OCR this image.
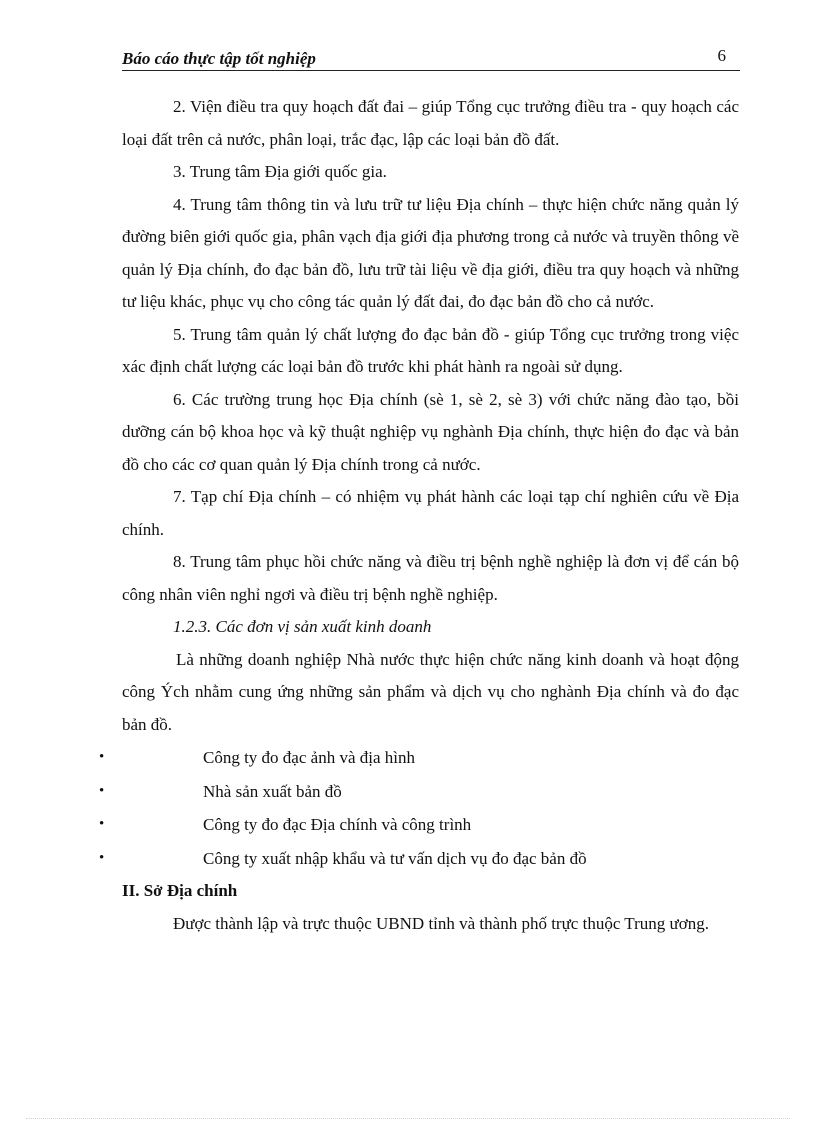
Báo cáo thực tập tốt nghiệp	6

2. Viện điều tra quy hoạch đất đai – giúp Tổng cục trưởng điều tra - quy hoạch các loại đất trên cả nước, phân loại, trắc đạc, lập các loại bản đồ đất.

3. Trung tâm Địa giới quốc gia.

4. Trung tâm thông tin và lưu trữ tư liệu Địa chính – thực hiện chức năng quản lý đường biên giới quốc gia, phân vạch địa giới địa phương trong cả nước và truyền thông về quản lý Địa chính, đo đạc bản đồ, lưu trữ tài liệu về địa giới, điều tra quy hoạch và những tư liệu khác, phục vụ cho công tác quản lý đất đai, đo đạc bản đồ cho cả nước.

5. Trung tâm quản lý chất lượng đo đạc bản đồ - giúp Tổng cục trưởng trong việc xác định chất lượng các loại bản đồ trước khi phát hành ra ngoài sử dụng.

6. Các trường trung học Địa chính (sè 1, sè 2, sè 3) với chức năng đào tạo, bồi dưỡng cán bộ khoa học và kỹ thuật nghiệp vụ nghành Địa chính, thực hiện đo đạc và bản đồ cho các cơ quan quản lý Địa chính trong cả nước.

7. Tạp chí Địa chính – có nhiệm vụ phát hành các loại tạp chí nghiên cứu về Địa chính.

8. Trung tâm phục hồi chức năng và điều trị bệnh nghề nghiệp là đơn vị để cán bộ công nhân viên nghỉ ngơi và điều trị bệnh nghề nghiệp.

1.2.3. Các đơn vị sản xuất kinh doanh

Là những doanh nghiệp Nhà nước thực hiện chức năng kinh doanh và hoạt động công Ých nhằm cung ứng những sản phẩm và dịch vụ cho nghành Địa chính và đo đạc bản đồ.

•	Công ty đo đạc ảnh và địa hình
•	Nhà sản xuất bản đồ
•	Công ty đo đạc Địa chính và công trình
•	Công ty xuất nhập khẩu và tư vấn dịch vụ đo đạc bản đồ

II. Sở Địa chính

Được thành lập và trực thuộc UBND tỉnh và thành phố trực thuộc Trung ương.
